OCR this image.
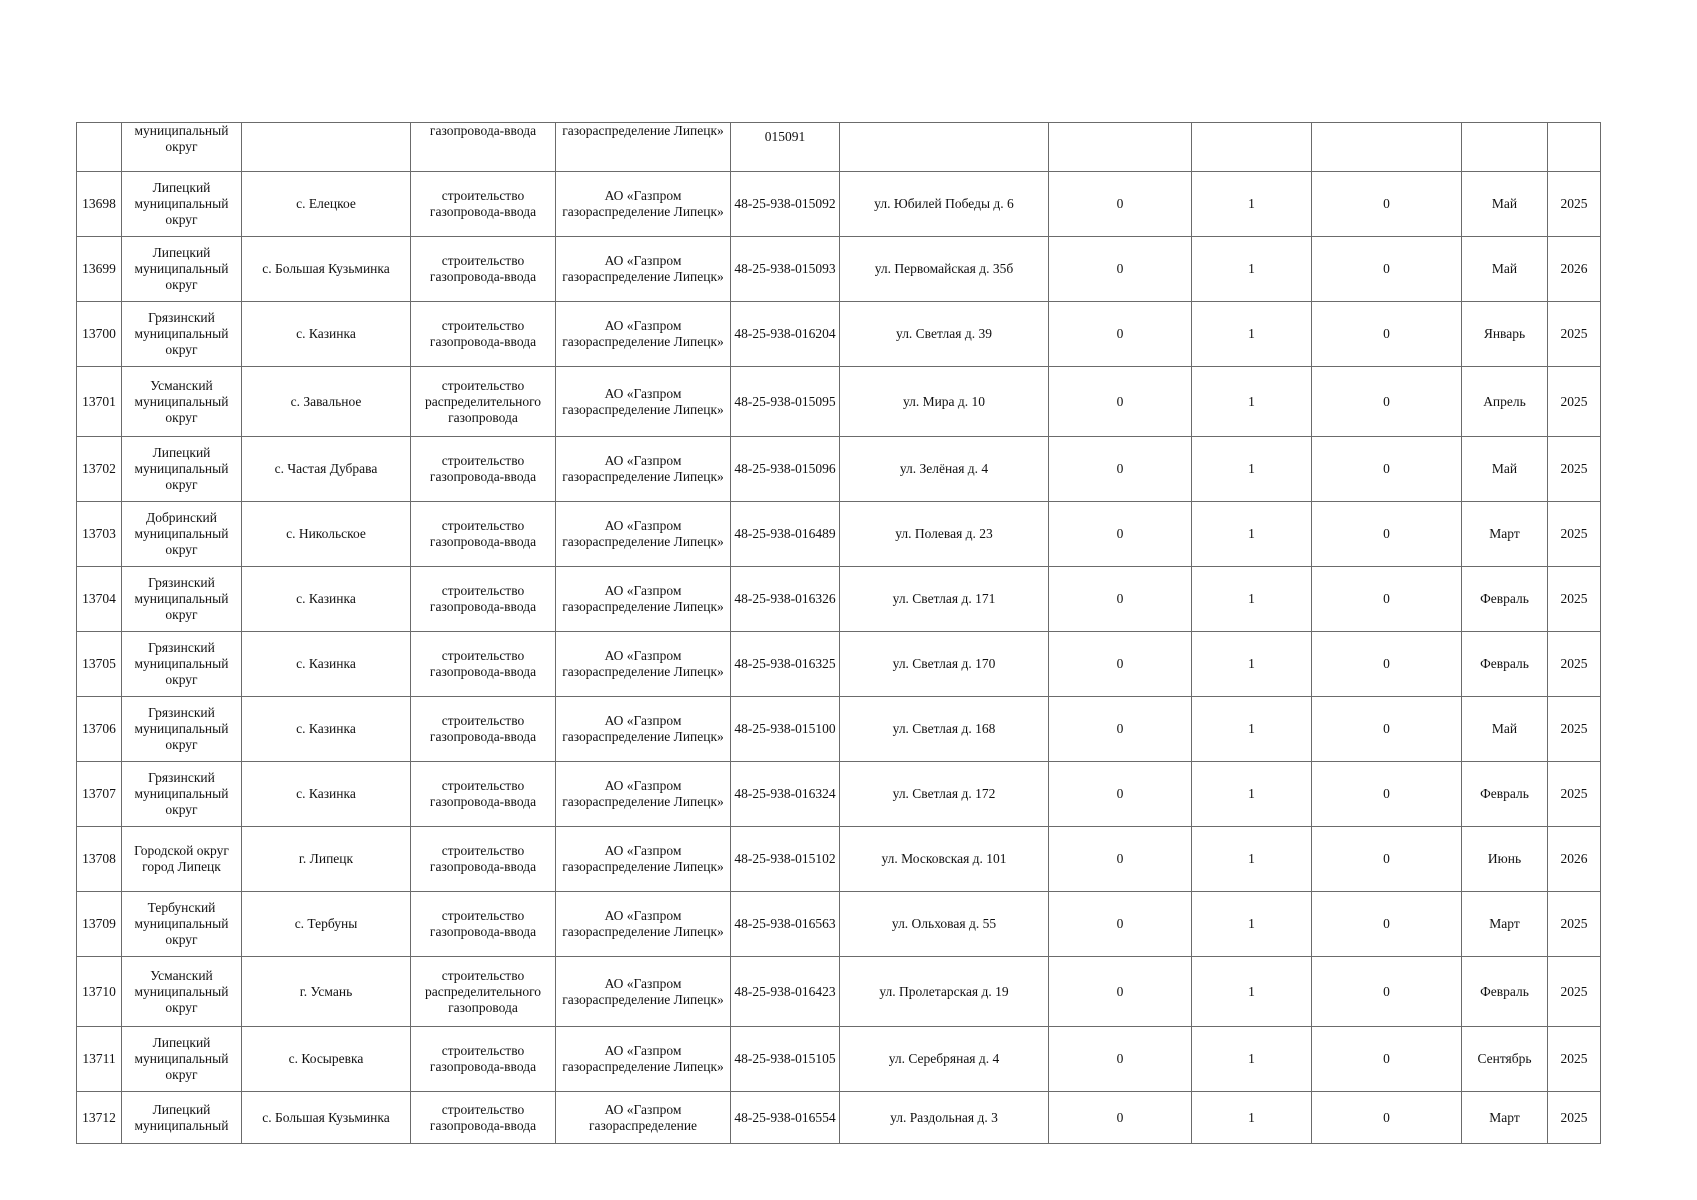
	муниципальный округ		газопровода-ввода	газораспределение Липецк»	015091						
13698	Липецкий муниципальный округ	с. Елецкое	строительство газопровода-ввода	АО «Газпром газораспределение Липецк»	48-25-938-015092	ул. Юбилей Победы д. 6	0	1	0	Май	2025
13699	Липецкий муниципальный округ	с. Большая Кузьминка	строительство газопровода-ввода	АО «Газпром газораспределение Липецк»	48-25-938-015093	ул. Первомайская д. 35б	0	1	0	Май	2026
13700	Грязинский муниципальный округ	с. Казинка	строительство газопровода-ввода	АО «Газпром газораспределение Липецк»	48-25-938-016204	ул. Светлая д. 39	0	1	0	Январь	2025
13701	Усманский муниципальный округ	с. Завальное	строительство распределительного газопровода	АО «Газпром газораспределение Липецк»	48-25-938-015095	ул. Мира д. 10	0	1	0	Апрель	2025
13702	Липецкий муниципальный округ	с. Частая Дубрава	строительство газопровода-ввода	АО «Газпром газораспределение Липецк»	48-25-938-015096	ул. Зелёная д. 4	0	1	0	Май	2025
13703	Добринский муниципальный округ	с. Никольское	строительство газопровода-ввода	АО «Газпром газораспределение Липецк»	48-25-938-016489	ул. Полевая д. 23	0	1	0	Март	2025
13704	Грязинский муниципальный округ	с. Казинка	строительство газопровода-ввода	АО «Газпром газораспределение Липецк»	48-25-938-016326	ул. Светлая д. 171	0	1	0	Февраль	2025
13705	Грязинский муниципальный округ	с. Казинка	строительство газопровода-ввода	АО «Газпром газораспределение Липецк»	48-25-938-016325	ул. Светлая д. 170	0	1	0	Февраль	2025
13706	Грязинский муниципальный округ	с. Казинка	строительство газопровода-ввода	АО «Газпром газораспределение Липецк»	48-25-938-015100	ул. Светлая д. 168	0	1	0	Май	2025
13707	Грязинский муниципальный округ	с. Казинка	строительство газопровода-ввода	АО «Газпром газораспределение Липецк»	48-25-938-016324	ул. Светлая д. 172	0	1	0	Февраль	2025
13708	Городской округ город Липецк	г. Липецк	строительство газопровода-ввода	АО «Газпром газораспределение Липецк»	48-25-938-015102	ул. Московская д. 101	0	1	0	Июнь	2026
13709	Тербунский муниципальный округ	с. Тербуны	строительство газопровода-ввода	АО «Газпром газораспределение Липецк»	48-25-938-016563	ул. Ольховая д. 55	0	1	0	Март	2025
13710	Усманский муниципальный округ	г. Усмань	строительство распределительного газопровода	АО «Газпром газораспределение Липецк»	48-25-938-016423	ул. Пролетарская д. 19	0	1	0	Февраль	2025
13711	Липецкий муниципальный округ	с. Косыревка	строительство газопровода-ввода	АО «Газпром газораспределение Липецк»	48-25-938-015105	ул. Серебряная д. 4	0	1	0	Сентябрь	2025
13712	Липецкий муниципальный	с. Большая Кузьминка	строительство газопровода-ввода	АО «Газпром газораспределение	48-25-938-016554	ул. Раздольная д. 3	0	1	0	Март	2025
